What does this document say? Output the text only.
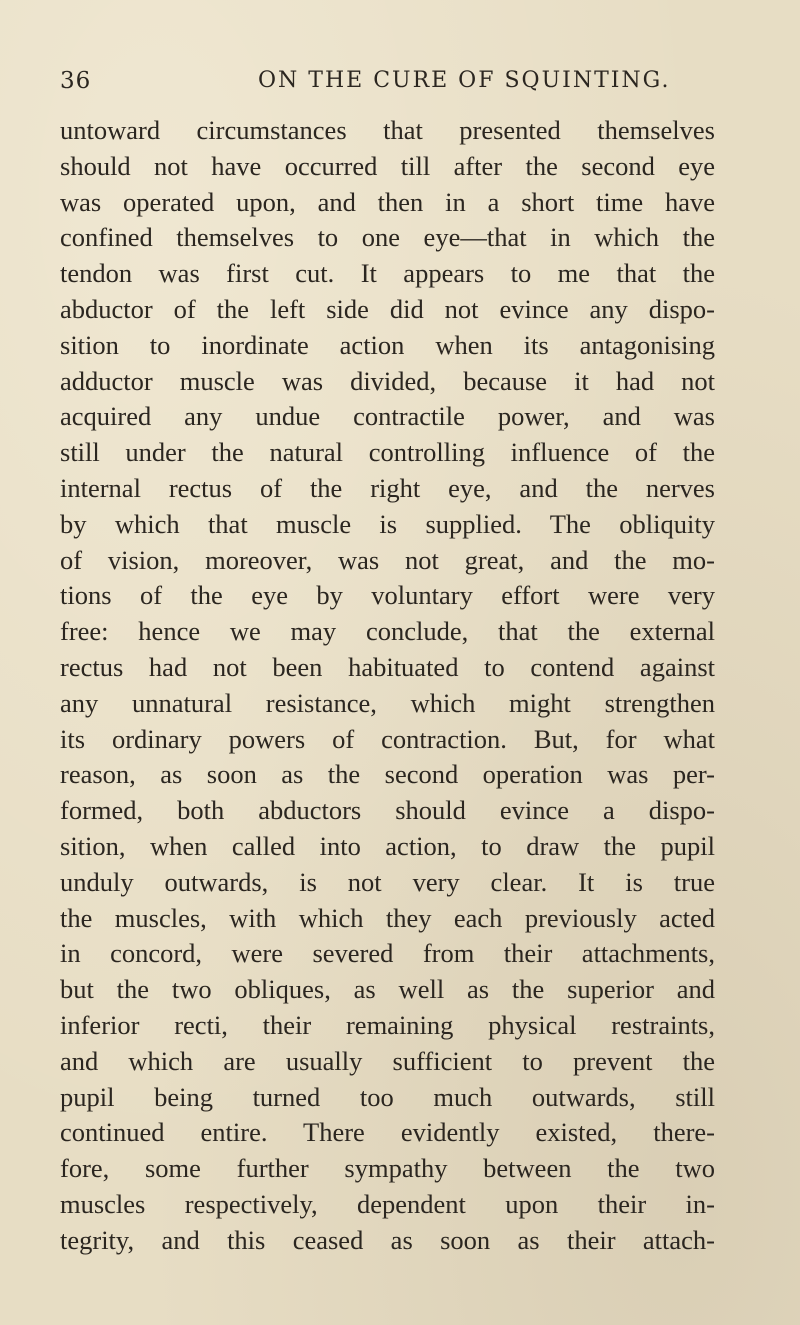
36	ON THE CURE OF SQUINTING.
untoward circumstances that presented themselves
should not have occurred till after the second eye
was operated upon, and then in a short time have
confined themselves to one eye—that in which the
tendon was first cut. It appears to me that the
abductor of the left side did not evince any dispo-
sition to inordinate action when its antagonising
adductor muscle was divided, because it had not
acquired any undue contractile power, and was
still under the natural controlling influence of the
internal rectus of the right eye, and the nerves
by which that muscle is supplied. The obliquity
of vision, moreover, was not great, and the mo-
tions of the eye by voluntary effort were very
free: hence we may conclude, that the external
rectus had not been habituated to contend against
any unnatural resistance, which might strengthen
its ordinary powers of contraction. But, for what
reason, as soon as the second operation was per-
formed, both abductors should evince a dispo-
sition, when called into action, to draw the pupil
unduly outwards, is not very clear. It is true
the muscles, with which they each previously acted
in concord, were severed from their attachments,
but the two obliques, as well as the superior and
inferior recti, their remaining physical restraints,
and which are usually sufficient to prevent the
pupil being turned too much outwards, still
continued entire. There evidently existed, there-
fore, some further sympathy between the two
muscles respectively, dependent upon their in-
tegrity, and this ceased as soon as their attach-
